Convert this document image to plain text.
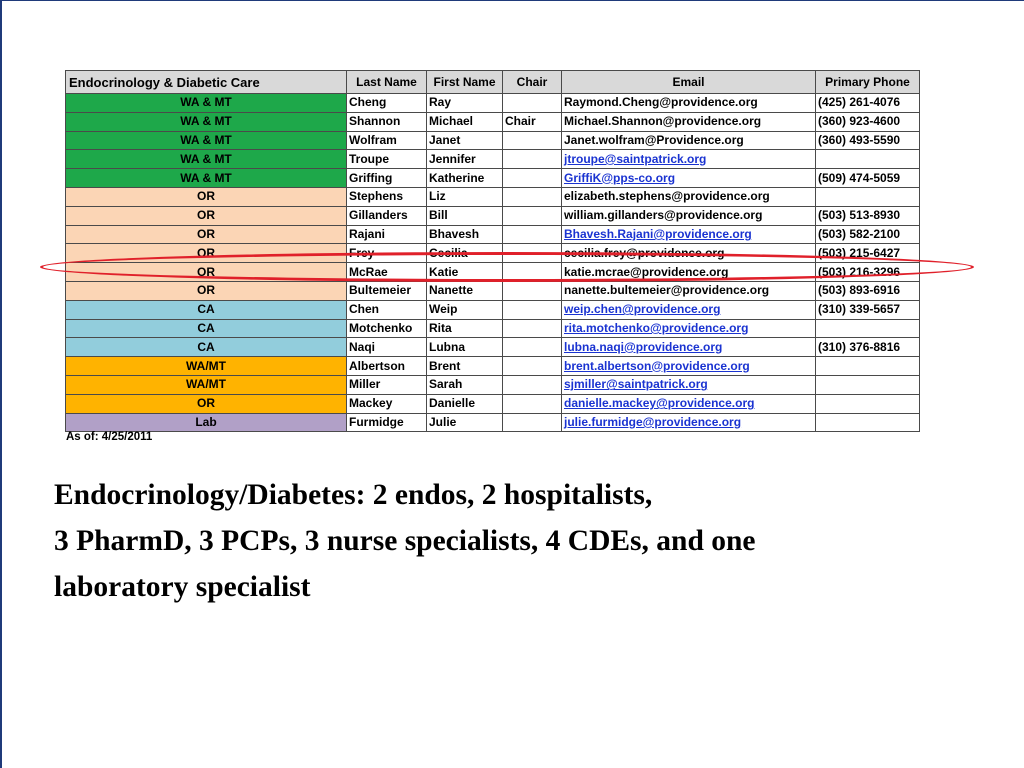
Endocrinology & Diabetic Care	Last Name	First Name	Chair	Email	Primary Phone
WA & MT	Cheng	Ray		Raymond.Cheng@providence.org	(425) 261-4076
WA & MT	Shannon	Michael	Chair	Michael.Shannon@providence.org	(360) 923-4600
WA & MT	Wolfram	Janet		Janet.wolfram@Providence.org	(360) 493-5590
WA & MT	Troupe	Jennifer		jtroupe@saintpatrick.org	
WA & MT	Griffing	Katherine		GriffiK@pps-co.org	(509) 474-5059
OR	Stephens	Liz		elizabeth.stephens@providence.org	
OR	Gillanders	Bill		william.gillanders@providence.org	(503) 513-8930
OR	Rajani	Bhavesh		Bhavesh.Rajani@providence.org	(503) 582-2100
OR	Frey	Cecilia		cecilia.frey@providence.org	(503) 215-6427
OR	McRae	Katie		katie.mcrae@providence.org	(503) 216-3296
OR	Bultemeier	Nanette		nanette.bultemeier@providence.org	(503) 893-6916
CA	Chen	Weip		weip.chen@providence.org	(310) 339-5657
CA	Motchenko	Rita		rita.motchenko@providence.org	
CA	Naqi	Lubna		lubna.naqi@providence.org	(310) 376-8816
WA/MT	Albertson	Brent		brent.albertson@providence.org	
WA/MT	Miller	Sarah		sjmiller@saintpatrick.org	
OR	Mackey	Danielle		danielle.mackey@providence.org	
Lab	Furmidge	Julie		julie.furmidge@providence.org	
As of: 4/25/2011
Endocrinology/Diabetes: 2 endos, 2 hospitalists,
3 PharmD, 3 PCPs, 3 nurse specialists, 4 CDEs, and one
laboratory specialist
